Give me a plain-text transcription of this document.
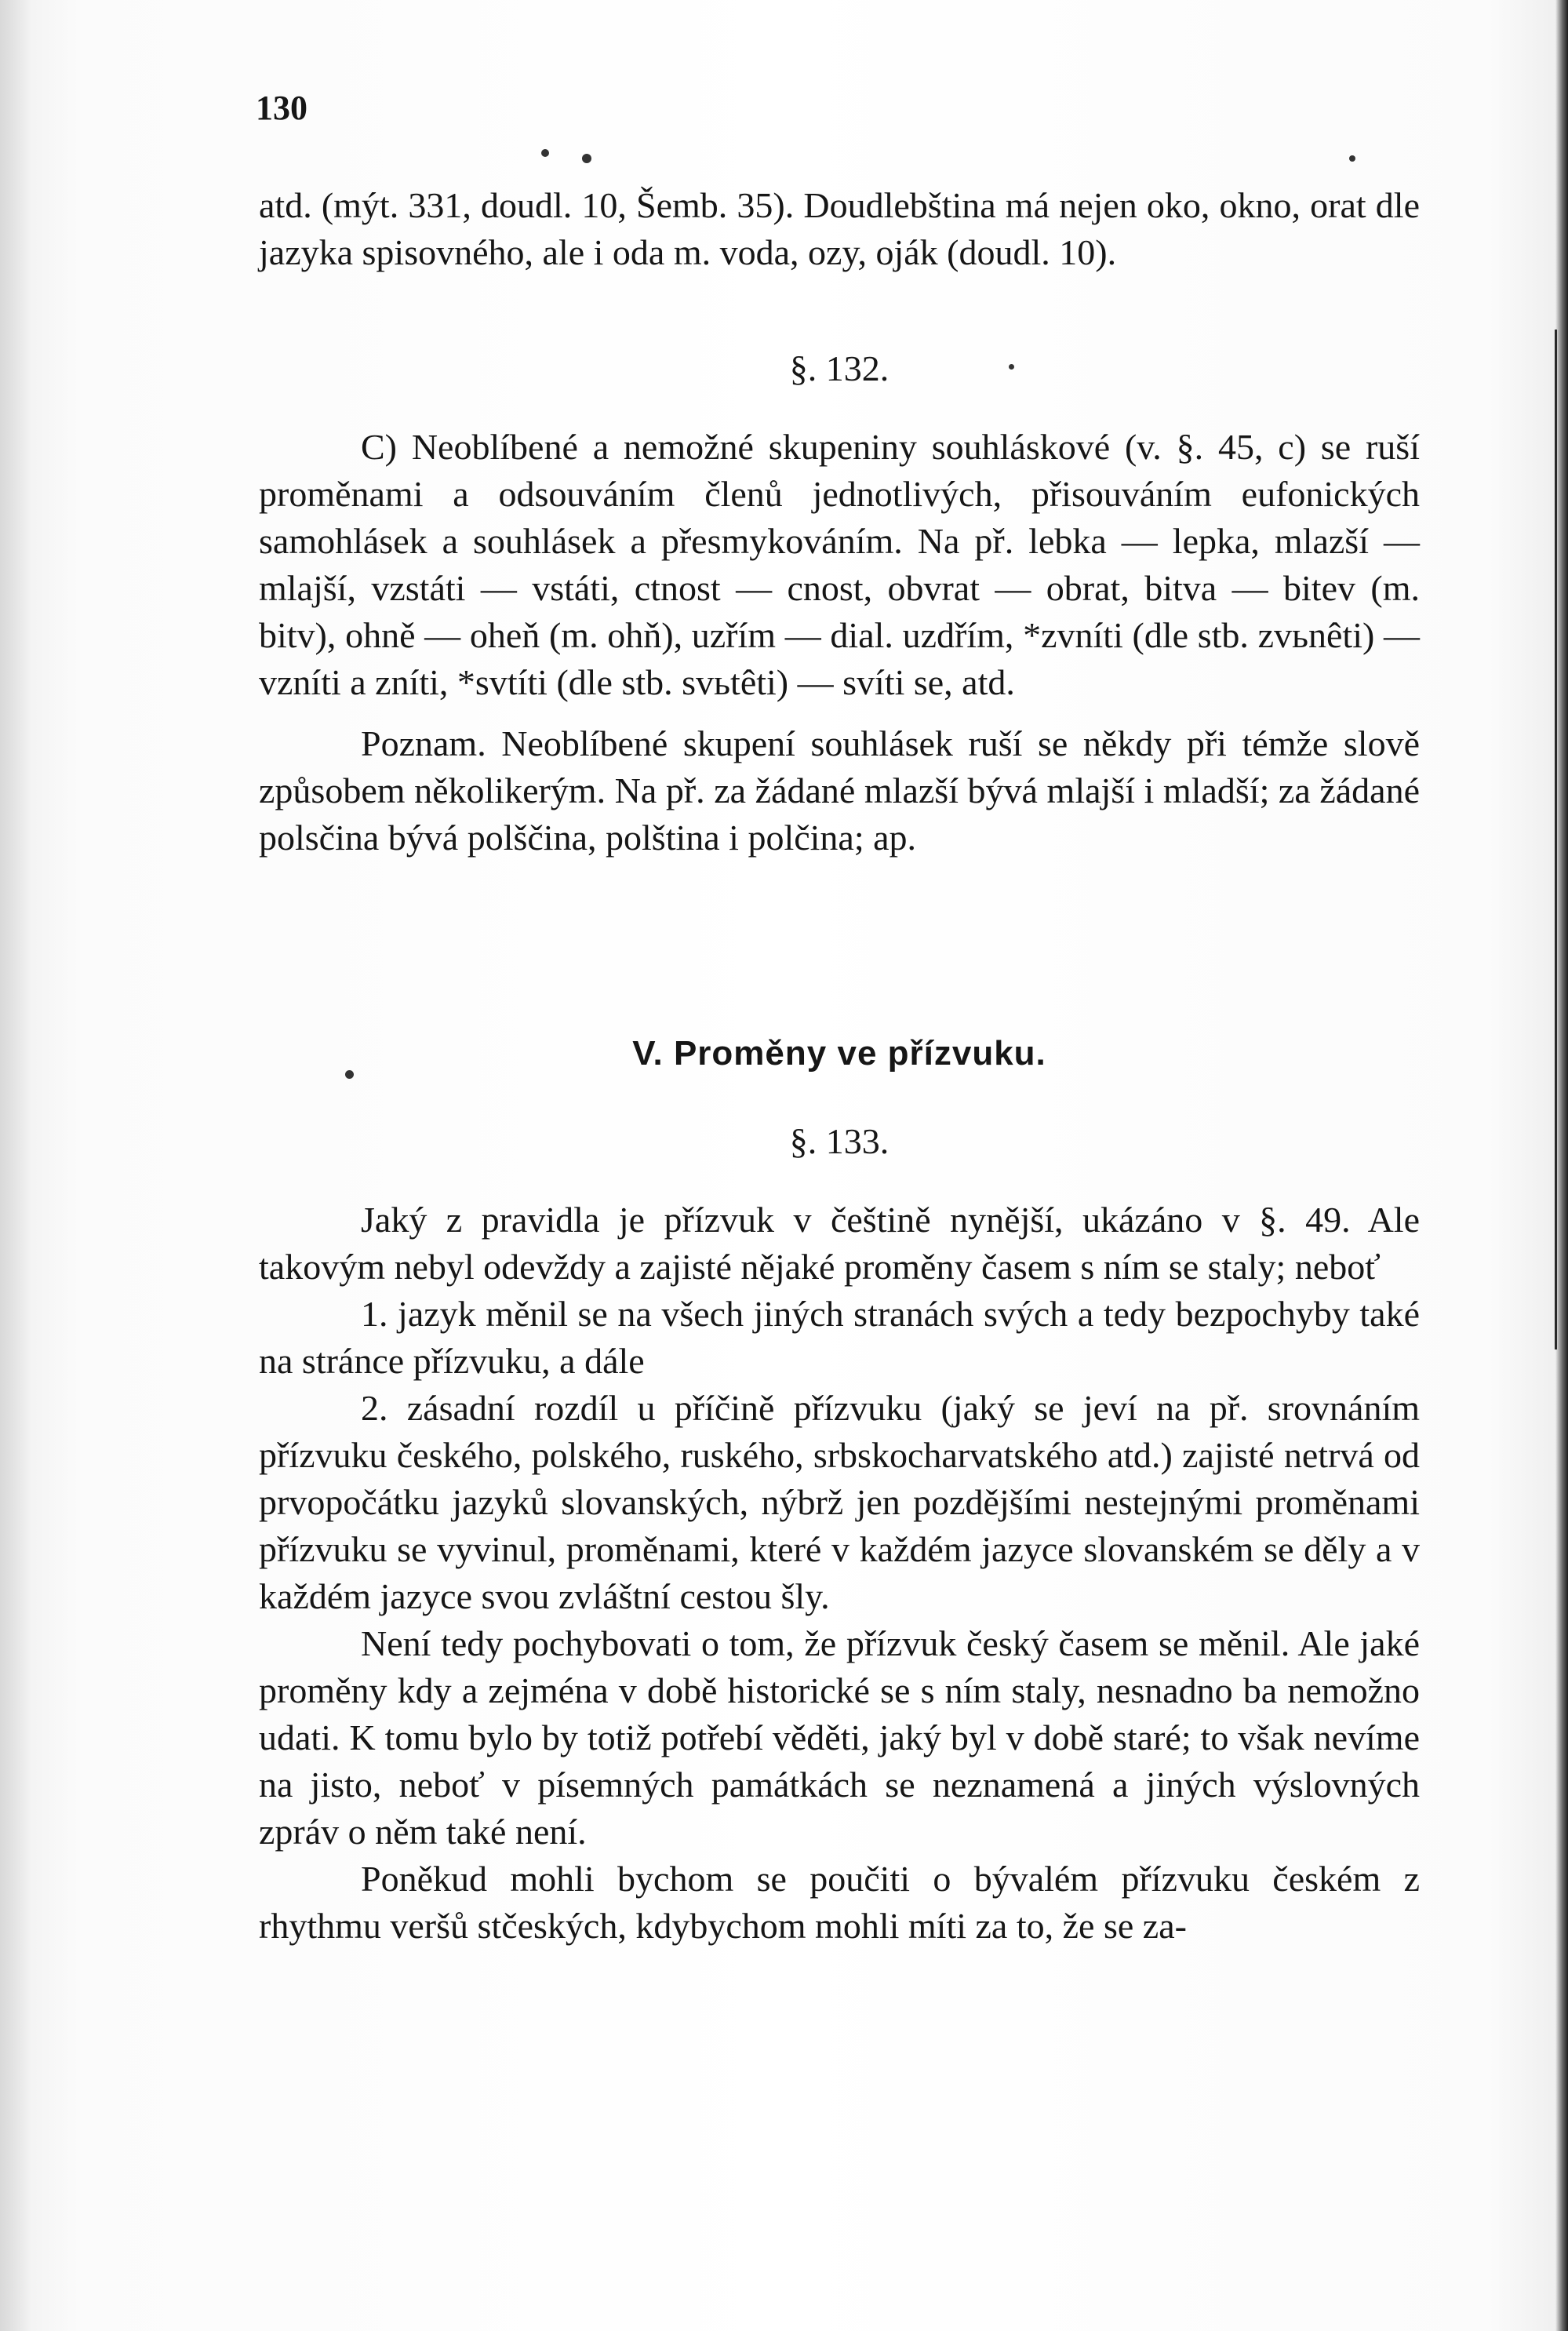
130

atd. (mýt. 331, doudl. 10, Šemb. 35). Doudlebština má nejen oko, okno, orat dle jazyka spisovného, ale i oda m. voda, ozy, oják (doudl. 10).

§. 132.

C) Neoblíbené a nemožné skupeniny souhláskové (v. §. 45, c) se ruší proměnami a odsouváním členů jednotlivých, přisouváním eufonických samohlásek a souhlásek a přesmykováním. Na př. lebka — lepka, mlazší — mlajší, vzstáti — vstáti, ctnost — cnost, obvrat — obrat, bitva — bitev (m. bitv), ohně — oheň (m. ohň), uzřím — dial. uzdřím, *zvníti (dle stb. zvьnêti) — vzníti a zníti, *svtíti (dle stb. svьtêti) — svíti se, atd.

Poznam. Neoblíbené skupení souhlásek ruší se někdy při témže slově způsobem několikerým. Na př. za žádané mlazší bývá mlajší i mladší; za žádané polsčina bývá polščina, polština i polčina; ap.

V. Proměny ve přízvuku.

§. 133.

Jaký z pravidla je přízvuk v češtině nynější, ukázáno v §. 49. Ale takovým nebyl odevždy a zajisté nějaké proměny časem s ním se staly; neboť

1. jazyk měnil se na všech jiných stranách svých a tedy bezpochyby také na stránce přízvuku, a dále

2. zásadní rozdíl u příčině přízvuku (jaký se jeví na př. srovnáním přízvuku českého, polského, ruského, srbskocharvatského atd.) zajisté netrvá od prvopočátku jazyků slovanských, nýbrž jen pozdějšími nestejnými proměnami přízvuku se vyvinul, proměnami, které v každém jazyce slovanském se děly a v každém jazyce svou zvláštní cestou šly.

Není tedy pochybovati o tom, že přízvuk český časem se měnil. Ale jaké proměny kdy a zejména v době historické se s ním staly, nesnadno ba nemožno udati. K tomu bylo by totiž potřebí věděti, jaký byl v době staré; to však nevíme na jisto, neboť v písemných památkách se neznamená a jiných výslovných zpráv o něm také není.

Poněkud mohli bychom se poučiti o bývalém přízvuku českém z rhythmu veršů stčeských, kdybychom mohli míti za to, že se za-
